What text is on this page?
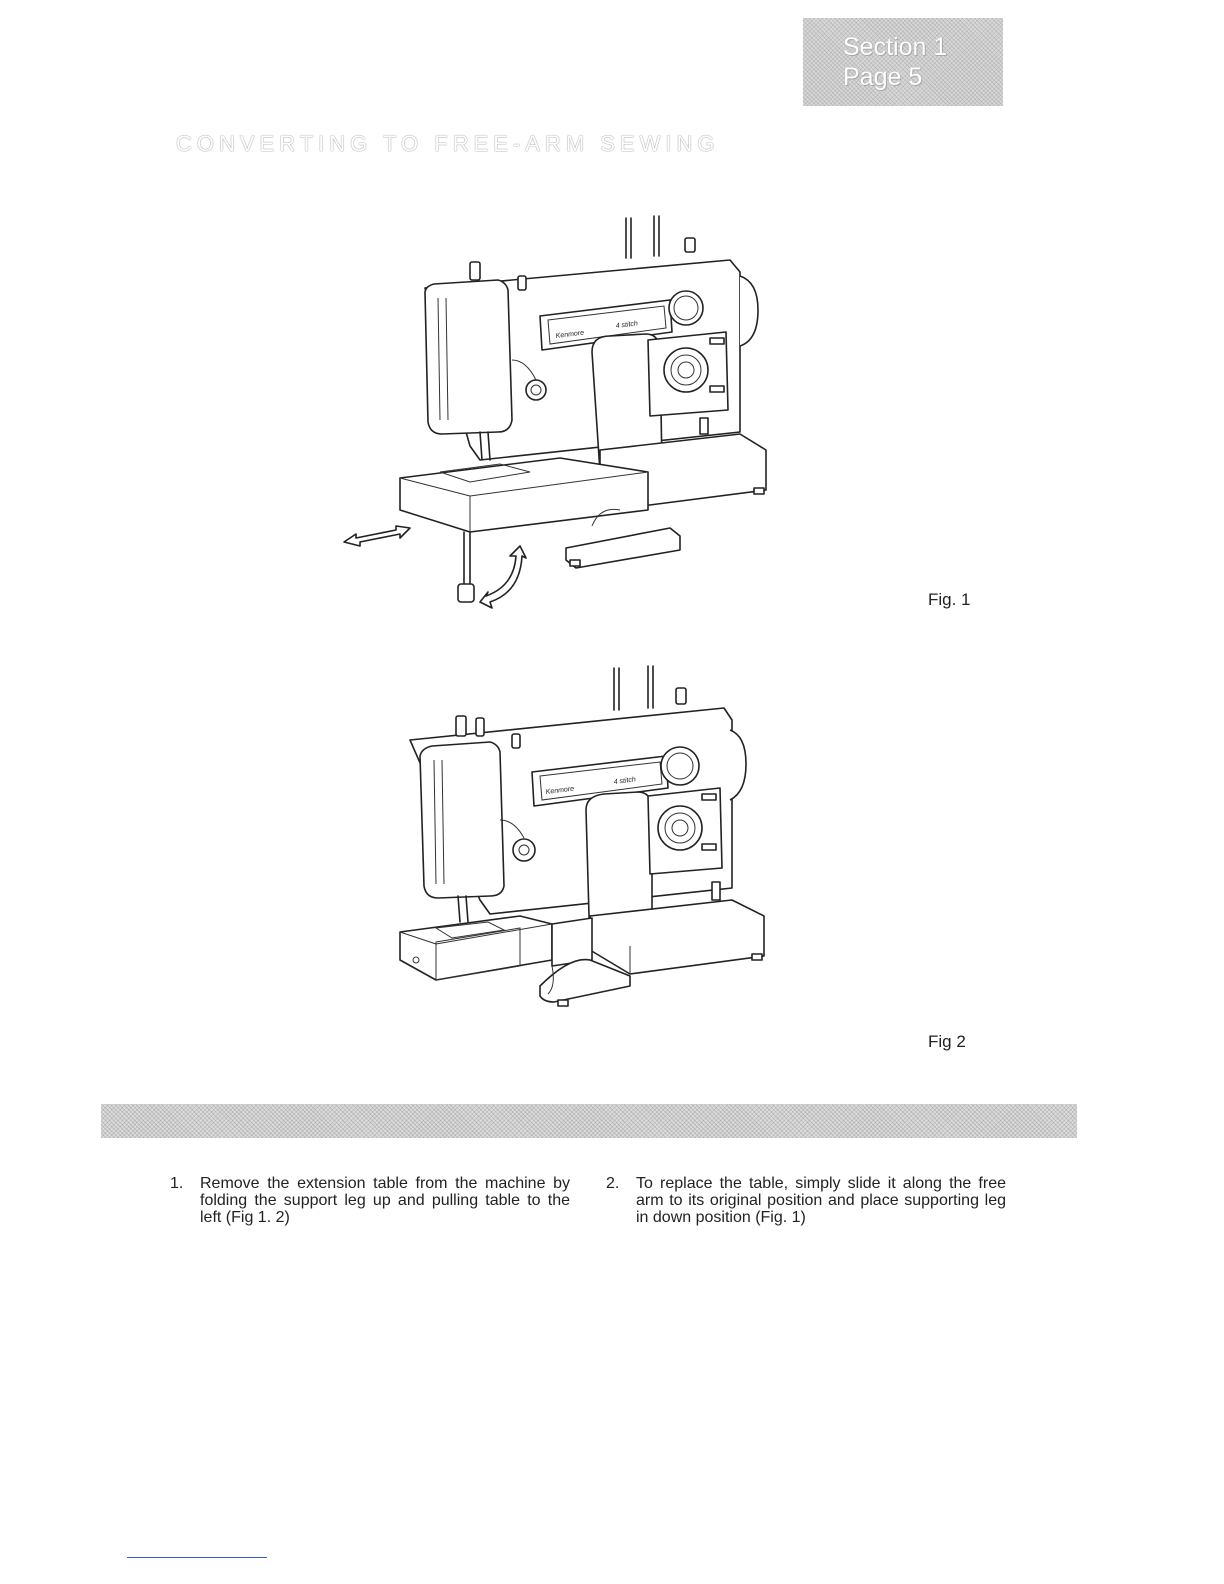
Section 1
Page 5
CONVERTING TO FREE-ARM SEWING
Kenmore
4 stitch
Fig. 1
Kenmore
4 stitch
Fig 2
1. Remove the extension table from the machine by folding the support leg up and pulling table to the left (Fig 1. 2)
2. To replace the table, simply slide it along the free arm to its original position and place supporting leg in down position (Fig. 1)
